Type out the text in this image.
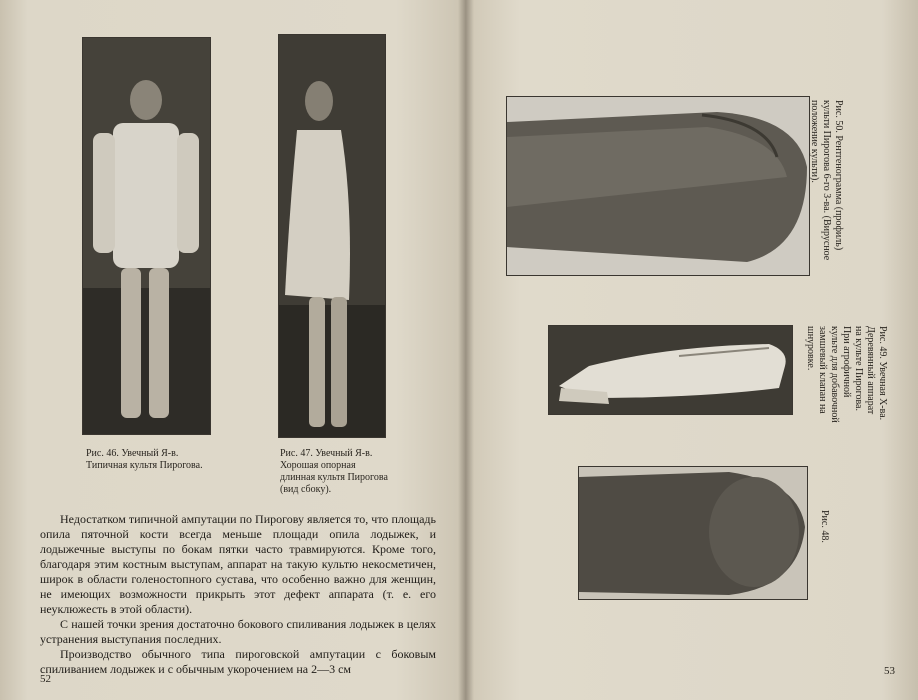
Рис. 46. Увечный Я-в. Типичная культя Пирогова.
Рис. 47. Увечный Я-в. Хорошая опорная длинная культя Пирогова (вид сбоку).

Недостатком типичной ампутации по Пирогову является то, что площадь опила пяточной кости всегда меньше площади опила лодыжек, и лодыжечные выступы по бокам пятки часто травмируются. Кроме того, благодаря этим костным выступам, аппарат на такую культю некосметичен, широк в области голеностопного сустава, что особенно важно для женщин, не имеющих возможности прикрыть этот дефект аппарата (т. е. его неуклюжесть в этой области).

С нашей точки зрения достаточно бокового спиливания лодыжек в целях устранения выступания последних.

Производство обычного типа пироговской ампутации с боковым спиливанием лодыжек и с обычным укорочением на 2—3 см

52
Рис. 50. Рентгенограмма (профиль) культи Пирогова 6-го З-ва. (Вирусное положение культи).
Рис. 49. Увечная Х-ва. Деревянный аппарат на культе Пирогова. При атрофичной культе для добавочной замшевый клапан на шнуровке.
Рис. 48.
53
